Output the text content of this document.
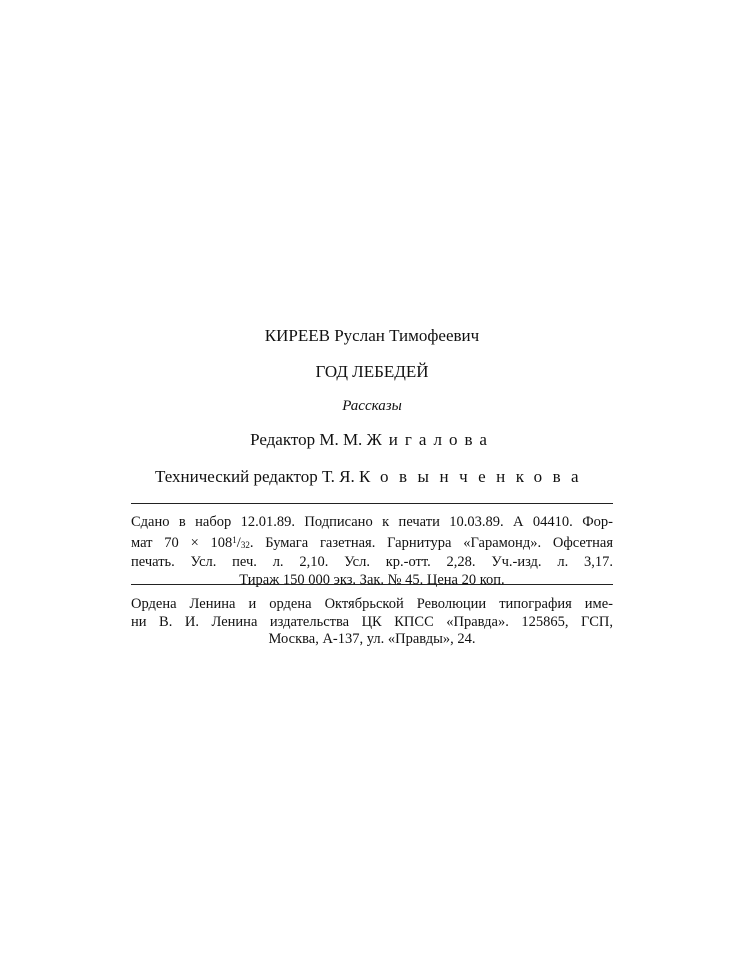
КИРЕЕВ Руслан Тимофеевич
ГОД ЛЕБЕДЕЙ
Рассказы
Редактор М. М. Жигалова
Технический редактор Т. Я. Ковынченкова
Сдано в набор 12.01.89. Подписано к печати 10.03.89. А 04410. Фор-
мат $70 \times 108^1/32$. Бумага газетная. Гарнитура «Гарамонд». Офсетная
печать. Усл. печ. л. 2,10. Усл. кр.-отт. 2,28. Уч.-изд. л. 3,17.
Тираж 150 000 экз. Зак. № 45. Цена 20 коп.
Ордена Ленина и ордена Октябрьской Революции типография име-
ни В. И. Ленина издательства ЦК КПСС «Правда». 125865, ГСП,
Москва, А-137, ул. «Правды», 24.
